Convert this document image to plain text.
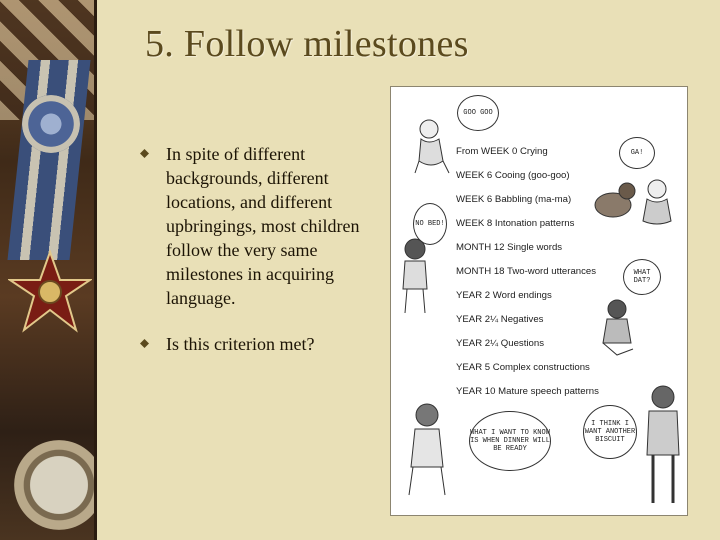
5. Follow milestones
In spite of different backgrounds, different locations, and different upbringings, most children follow the very same milestones in acquiring language.
Is this criterion met?
From WEEK 0 Crying
WEEK 6 Cooing (goo-goo)
WEEK 6 Babbling (ma-ma)
WEEK 8 Intonation patterns
MONTH 12 Single words
MONTH 18 Two-word utterances
YEAR 2 Word endings
YEAR 2¼ Negatives
YEAR 2¼ Questions
YEAR 5 Complex constructions
YEAR 10 Mature speech patterns
GOO GOO
GA!
NO BED!
WHAT DAT?
WHAT I WANT TO KNOW IS WHEN DINNER WILL BE READY
I THINK I WANT ANOTHER BISCUIT
